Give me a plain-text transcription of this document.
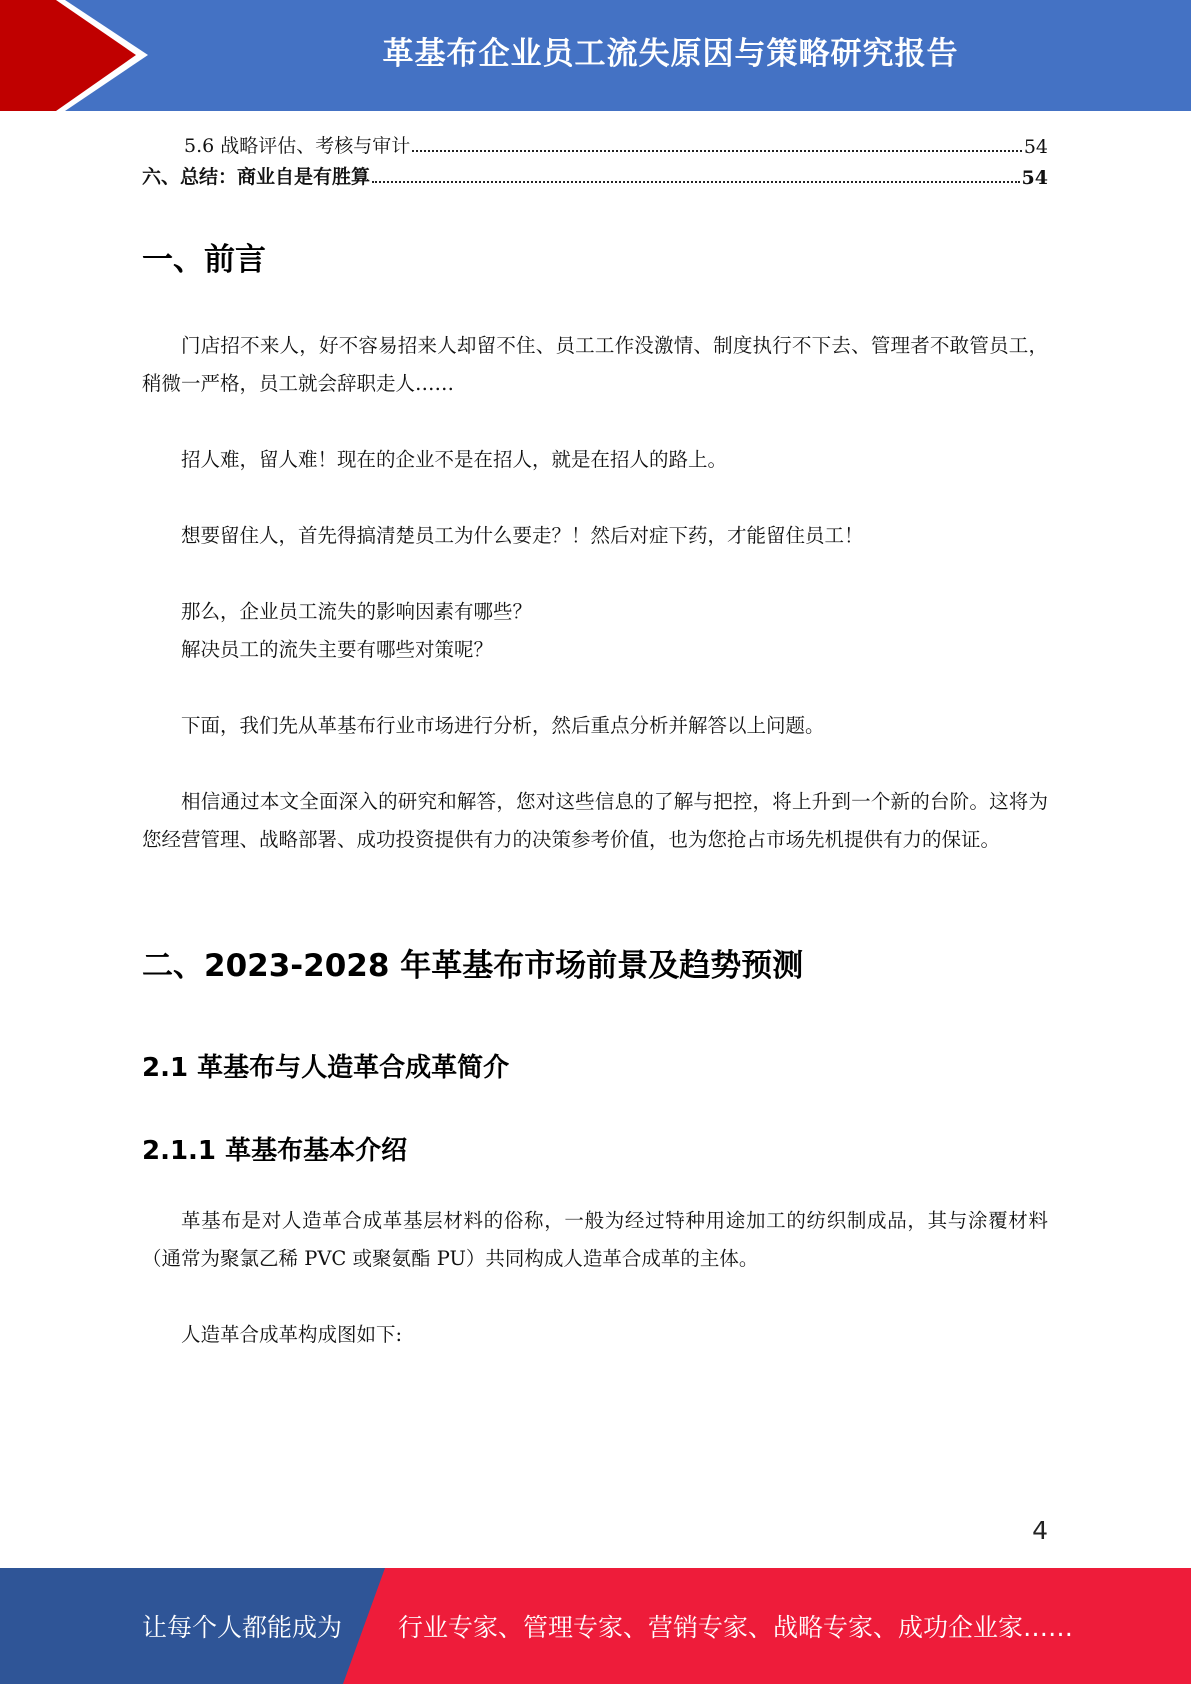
革基布企业员工流失原因与策略研究报告
5.6 战略评估、考核与审计	54
六、总结：商业自是有胜算	54
一、前言

门店招不来人，好不容易招来人却留不住、员工工作没激情、制度执行不下去、管理者不敢管员工，稍微一严格，员工就会辞职走人……

招人难，留人难！现在的企业不是在招人，就是在招人的路上。

想要留住人，首先得搞清楚员工为什么要走？！然后对症下药，才能留住员工！

那么，企业员工流失的影响因素有哪些？

解决员工的流失主要有哪些对策呢？

下面，我们先从革基布行业市场进行分析，然后重点分析并解答以上问题。

相信通过本文全面深入的研究和解答，您对这些信息的了解与把控，将上升到一个新的台阶。这将为您经营管理、战略部署、成功投资提供有力的决策参考价值，也为您抢占市场先机提供有力的保证。

二、2023-2028 年革基布市场前景及趋势预测
2.1 革基布与人造革合成革简介
2.1.1 革基布基本介绍

革基布是对人造革合成革基层材料的俗称，一般为经过特种用途加工的纺织制成品，其与涂覆材料（通常为聚氯乙稀 PVC 或聚氨酯 PU）共同构成人造革合成革的主体。

人造革合成革构成图如下:

4
让每个人都能成为 行业专家、管理专家、营销专家、战略专家、成功企业家……
